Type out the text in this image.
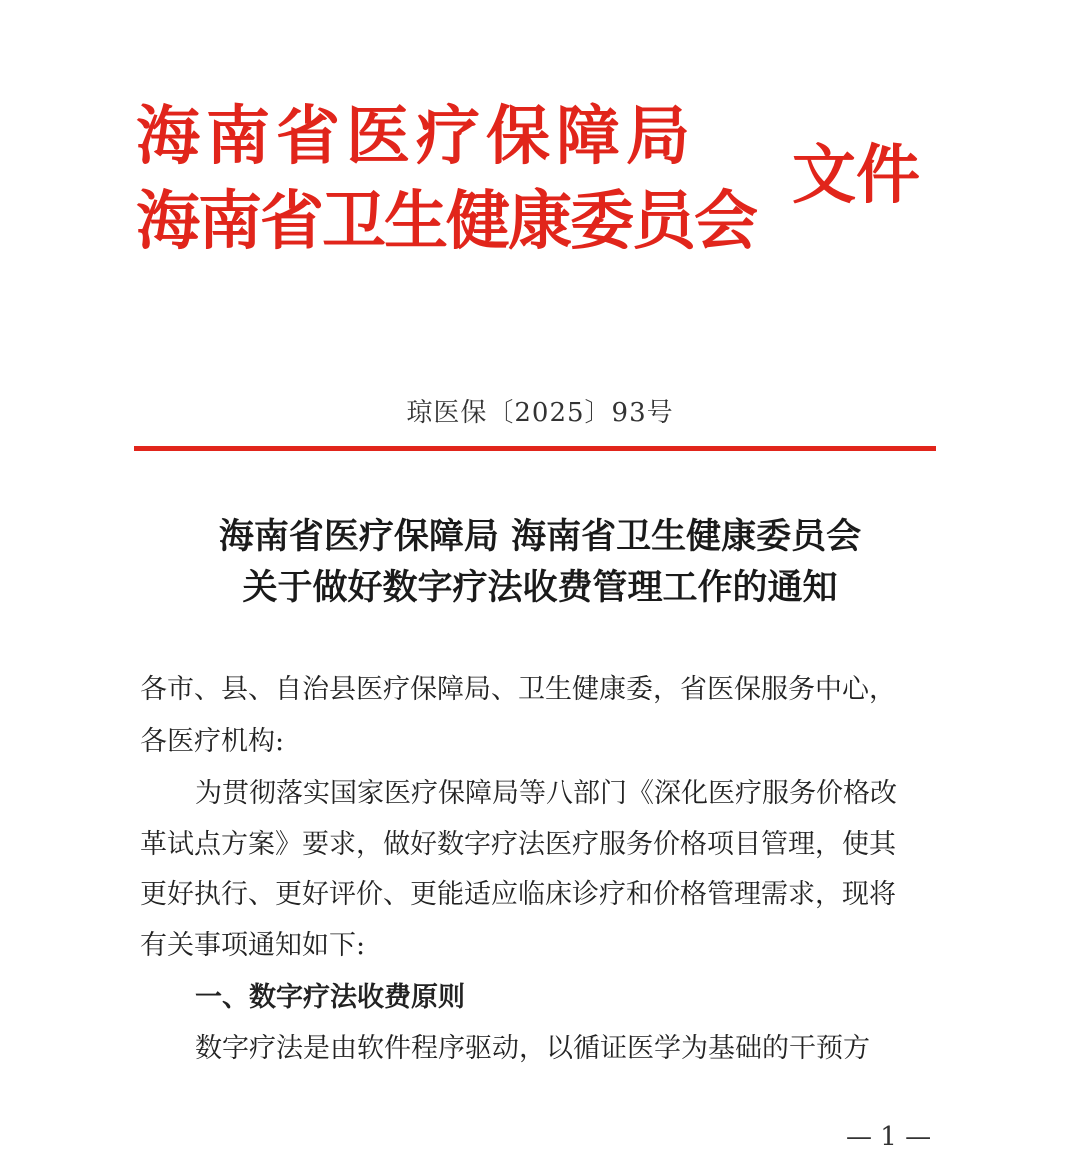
海南省医疗保障局
海南省卫生健康委员会
文件
琼医保〔2025〕93号
海南省医疗保障局 海南省卫生健康委员会
关于做好数字疗法收费管理工作的通知
各市、县、自治县医疗保障局、卫生健康委，省医保服务中心，
各医疗机构:
为贯彻落实国家医疗保障局等八部门《深化医疗服务价格改
革试点方案》要求，做好数字疗法医疗服务价格项目管理，使其
更好执行、更好评价、更能适应临床诊疗和价格管理需求，现将
有关事项通知如下:
一、数字疗法收费原则
数字疗法是由软件程序驱动，以循证医学为基础的干预方
— 1 —
